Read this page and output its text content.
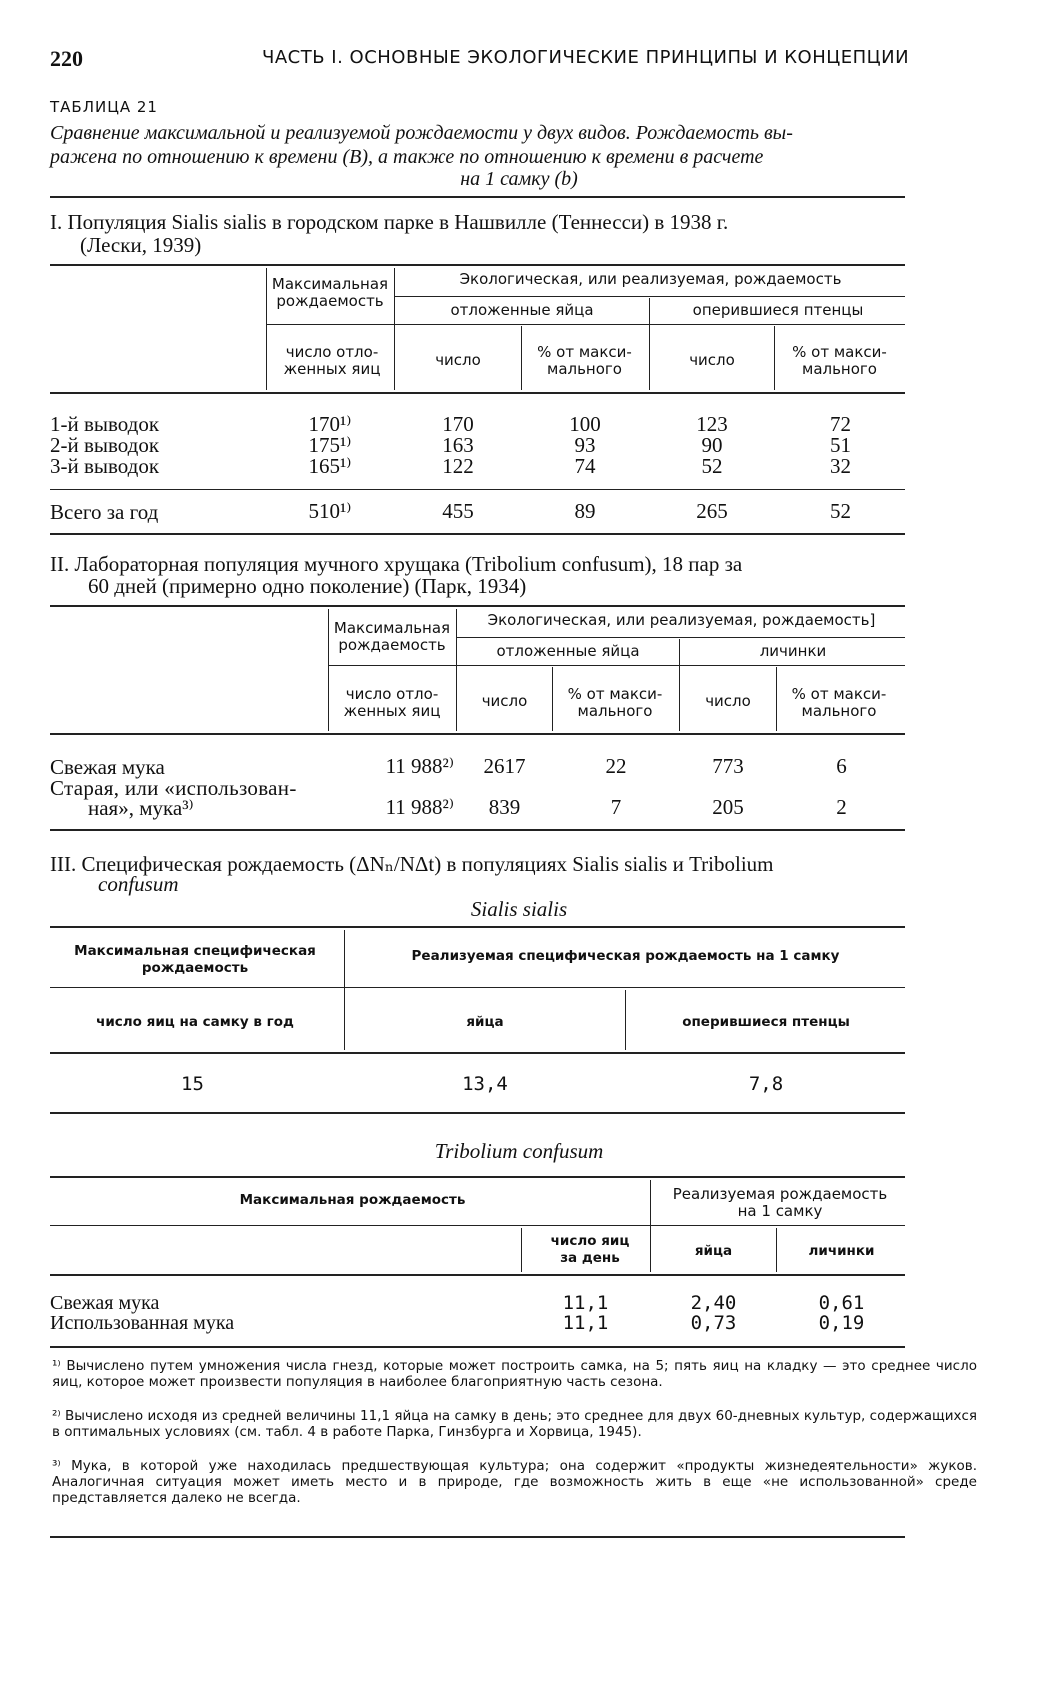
220	ЧАСТЬ I. ОСНОВНЫЕ ЭКОЛОГИЧЕСКИЕ ПРИНЦИПЫ И КОНЦЕПЦИИ
ТАБЛИЦА 21
Сравнение максимальной и реализуемой рождаемости у двух видов. Рождаемость вы-
ражена по отношению к времени (B), а также по отношению к времени в расчете
на 1 самку (b)
I. Популяция Sialis sialis в городском парке в Нашвилле (Теннесси) в 1938 г.
(Лески, 1939)
Максимальная рождаемость
число отло- женных яиц
Экологическая, или реализуемая, рождаемость
отложенные яйца	оперившиеся птенцы
число	% от макси- мального	число	% от макси- мального
1-й выводок	170¹⁾	170	100	123	72
2-й выводок	175¹⁾	163	93	90	51
3-й выводок	165¹⁾	122	74	52	32
Всего за год	510¹⁾	455	89	265	52
II. Лабораторная популяция мучного хрущака (Tribolium confusum), 18 пар за
60 дней (примерно одно поколение) (Парк, 1934)
Максимальная рождаемость
число отло- женных яиц
Экологическая, или реализуемая, рождаемость]
отложенные яйца	личинки
число	% от макси- мального
число	% от макси- мального
Свежая мука	11 988²⁾	2617	22	773	6
Старая, или «использован-
ная», мука³⁾	11 988²⁾	839	7	205	2
III. Специфическая рождаемость (ΔNₙ/NΔt) в популяциях Sialis sialis и Tribolium
confusum
Sialis sialis
Максимальная специфическая рождаемость
Реализуемая специфическая рождаемость на 1 самку
число яиц на самку в год	яйца	оперившиеся птенцы
15	13,4	7,8
Tribolium confusum
Максимальная рождаемость	Реализуемая рождаемость на 1 самку
число яиц за день	яйца	личинки
Свежая мука	11,1	2,40	0,61
Использованная мука	11,1	0,73	0,19
¹⁾ Вычислено путем умножения числа гнезд, которые может построить самка, на 5; пять яиц на кладку — это среднее число яиц, которое может произвести популяция в наиболее благоприятную часть сезона.
²⁾ Вычислено исходя из средней величины 11,1 яйца на самку в день; это среднее для двух 60-дневных культур, содержащихся в оптимальных условиях (см. табл. 4 в работе Парка, Гинзбурга и Хорвица, 1945).
³⁾ Мука, в которой уже находилась предшествующая культура; она содержит «продукты жизнедеятельности» жуков. Аналогичная ситуация может иметь место и в природе, где возможность жить в еще «не использованной» среде представляется далеко не всегда.
